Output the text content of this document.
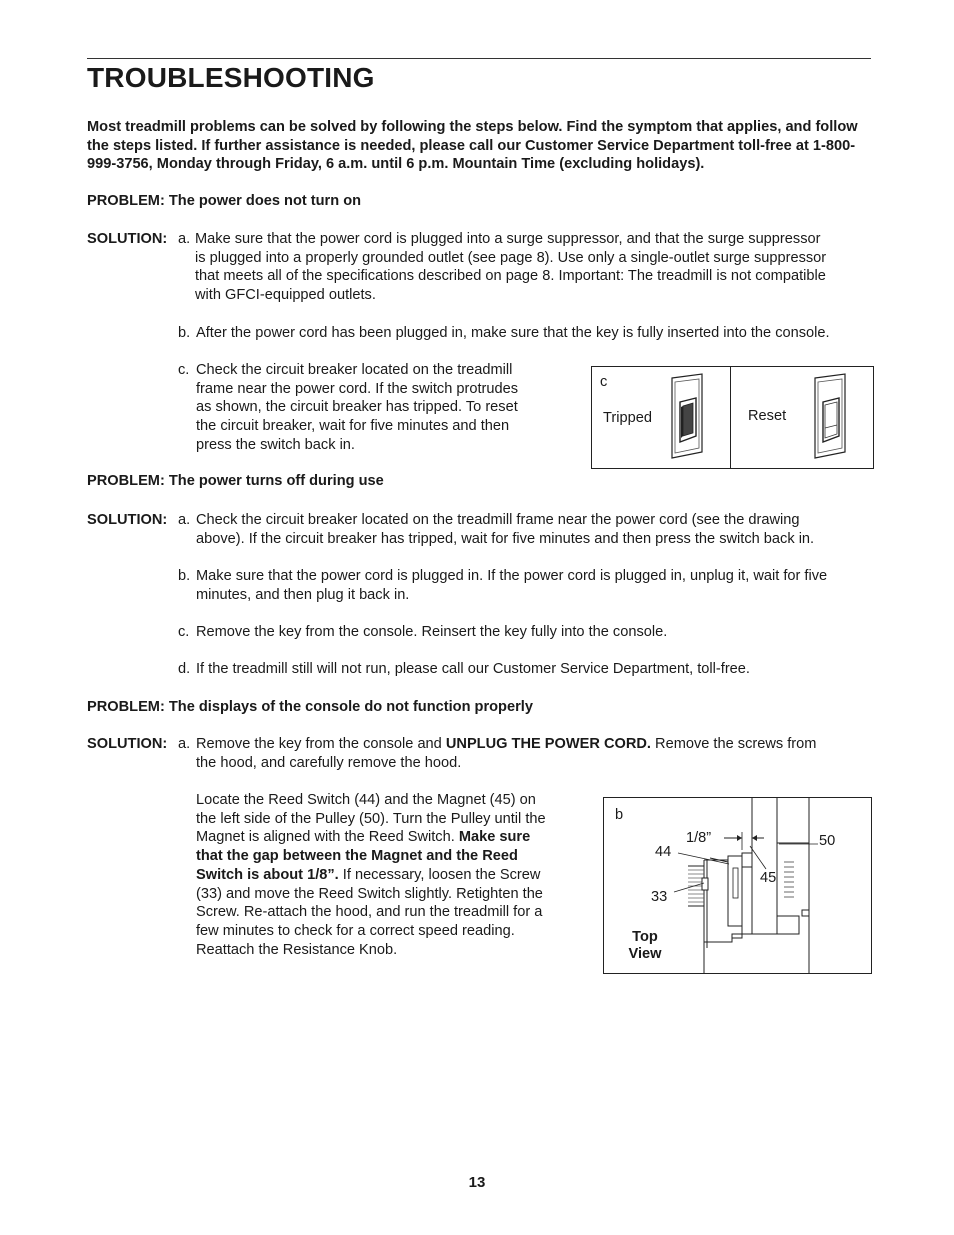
TROUBLESHOOTING
Most treadmill problems can be solved by following the steps below. Find the symptom that applies, and follow the steps listed. If further assistance is needed, please call our Customer Service Department toll-free at 1-800-999-3756, Monday through Friday, 6 a.m. until 6 p.m. Mountain Time (excluding holidays).
PROBLEM: The power does not turn on
SOLUTION: a. Make sure that the power cord is plugged into a surge suppressor, and that the surge suppressor
is plugged into a properly grounded outlet (see page 8). Use only a single-outlet surge suppressor
that meets all of the specifications described on page 8. Important: The treadmill is not compatible
with GFCI-equipped outlets.
b. After the power cord has been plugged in, make sure that the key is fully inserted into the console.
c. Check the circuit breaker located on the treadmill
frame near the power cord. If the switch protrudes
as shown, the circuit breaker has tripped. To reset
the circuit breaker, wait for five minutes and then
press the switch back in.
c
Tripped	Reset
PROBLEM: The power turns off during use
SOLUTION: a. Check the circuit breaker located on the treadmill frame near the power cord (see the drawing
above). If the circuit breaker has tripped, wait for five minutes and then press the switch back in.
b. Make sure that the power cord is plugged in. If the power cord is plugged in, unplug it, wait for five
minutes, and then plug it back in.
c. Remove the key from the console. Reinsert the key fully into the console.
d. If the treadmill still will not run, please call our Customer Service Department, toll-free.
PROBLEM: The displays of the console do not function properly
SOLUTION: a. Remove the key from the console and UNPLUG THE POWER CORD. Remove the screws from
the hood, and carefully remove the hood.
Locate the Reed Switch (44) and the Magnet (45) on
the left side of the Pulley (50). Turn the Pulley until the
Magnet is aligned with the Reed Switch. Make sure
that the gap between the Magnet and the Reed
Switch is about 1/8”. If necessary, loosen the Screw
(33) and move the Reed Switch slightly. Retighten the
Screw. Re-attach the hood, and run the treadmill for a
few minutes to check for a correct speed reading.
Reattach the Resistance Knob.
b
1/8”
44
45
50
33
Top
View
13
